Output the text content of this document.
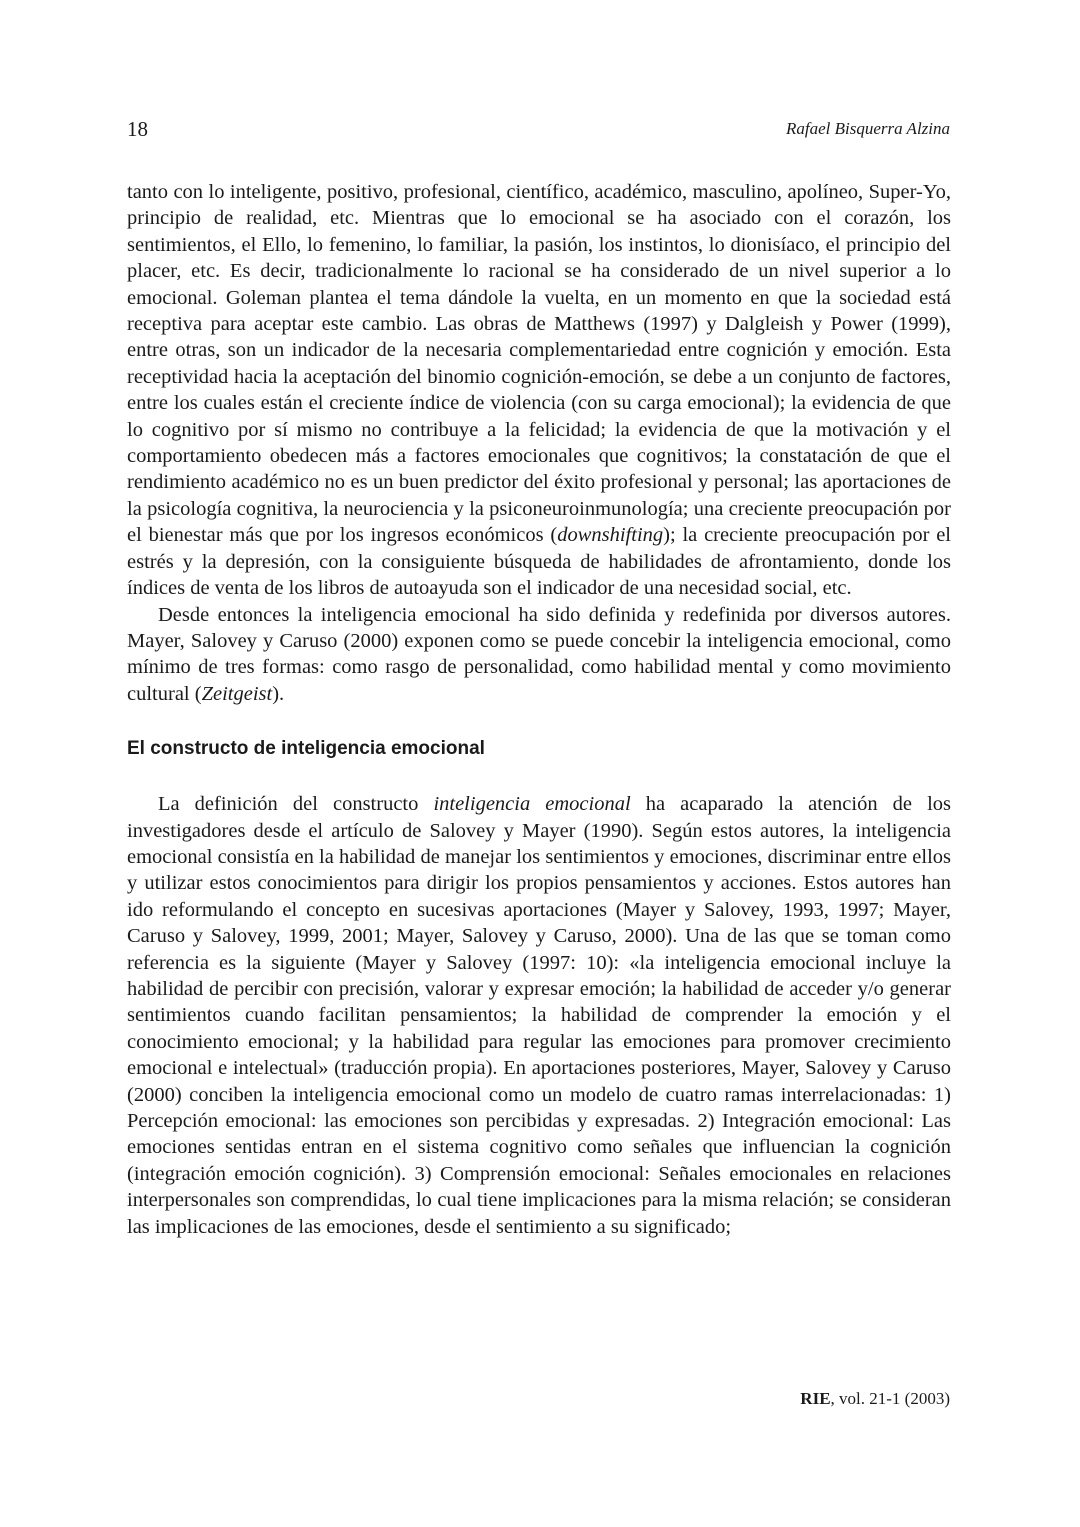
18	Rafael Bisquerra Alzina

tanto con lo inteligente, positivo, profesional, científico, académico, masculino, apolíneo, Super-Yo, principio de realidad, etc. Mientras que lo emocional se ha asociado con el corazón, los sentimientos, el Ello, lo femenino, lo familiar, la pasión, los instintos, lo dionisíaco, el principio del placer, etc. Es decir, tradicionalmente lo racional se ha considerado de un nivel superior a lo emocional. Goleman plantea el tema dándole la vuelta, en un momento en que la sociedad está receptiva para aceptar este cambio. Las obras de Matthews (1997) y Dalgleish y Power (1999), entre otras, son un indicador de la necesaria complementariedad entre cognición y emoción. Esta receptividad hacia la aceptación del binomio cognición-emoción, se debe a un conjunto de factores, entre los cuales están el creciente índice de violencia (con su carga emocional); la evidencia de que lo cognitivo por sí mismo no contribuye a la felicidad; la evidencia de que la motivación y el comportamiento obedecen más a factores emocionales que cognitivos; la constatación de que el rendimiento académico no es un buen predictor del éxito profesional y personal; las aportaciones de la psicología cognitiva, la neurociencia y la psiconeuroinmunología; una creciente preocupación por el bienestar más que por los ingresos económicos (downshifting); la creciente preocupación por el estrés y la depresión, con la consiguiente búsqueda de habilidades de afrontamiento, donde los índices de venta de los libros de autoayuda son el indicador de una necesidad social, etc.

Desde entonces la inteligencia emocional ha sido definida y redefinida por diversos autores. Mayer, Salovey y Caruso (2000) exponen como se puede concebir la inteligencia emocional, como mínimo de tres formas: como rasgo de personalidad, como habilidad mental y como movimiento cultural (Zeitgeist).

El constructo de inteligencia emocional

La definición del constructo inteligencia emocional ha acaparado la atención de los investigadores desde el artículo de Salovey y Mayer (1990). Según estos autores, la inteligencia emocional consistía en la habilidad de manejar los sentimientos y emociones, discriminar entre ellos y utilizar estos conocimientos para dirigir los propios pensamientos y acciones. Estos autores han ido reformulando el concepto en sucesivas aportaciones (Mayer y Salovey, 1993, 1997; Mayer, Caruso y Salovey, 1999, 2001; Mayer, Salovey y Caruso, 2000). Una de las que se toman como referencia es la siguiente (Mayer y Salovey (1997: 10): «la inteligencia emocional incluye la habilidad de percibir con precisión, valorar y expresar emoción; la habilidad de acceder y/o generar sentimientos cuando facilitan pensamientos; la habilidad de comprender la emoción y el conocimiento emocional; y la habilidad para regular las emociones para promover crecimiento emocional e intelectual» (traducción propia). En aportaciones posteriores, Mayer, Salovey y Caruso (2000) conciben la inteligencia emocional como un modelo de cuatro ramas interrelacionadas: 1) Percepción emocional: las emociones son percibidas y expresadas. 2) Integración emocional: Las emociones sentidas entran en el sistema cognitivo como señales que influencian la cognición (integración emoción cognición). 3) Comprensión emocional: Señales emocionales en relaciones interpersonales son comprendidas, lo cual tiene implicaciones para la misma relación; se consideran las implicaciones de las emociones, desde el sentimiento a su significado;

RIE, vol. 21-1 (2003)
